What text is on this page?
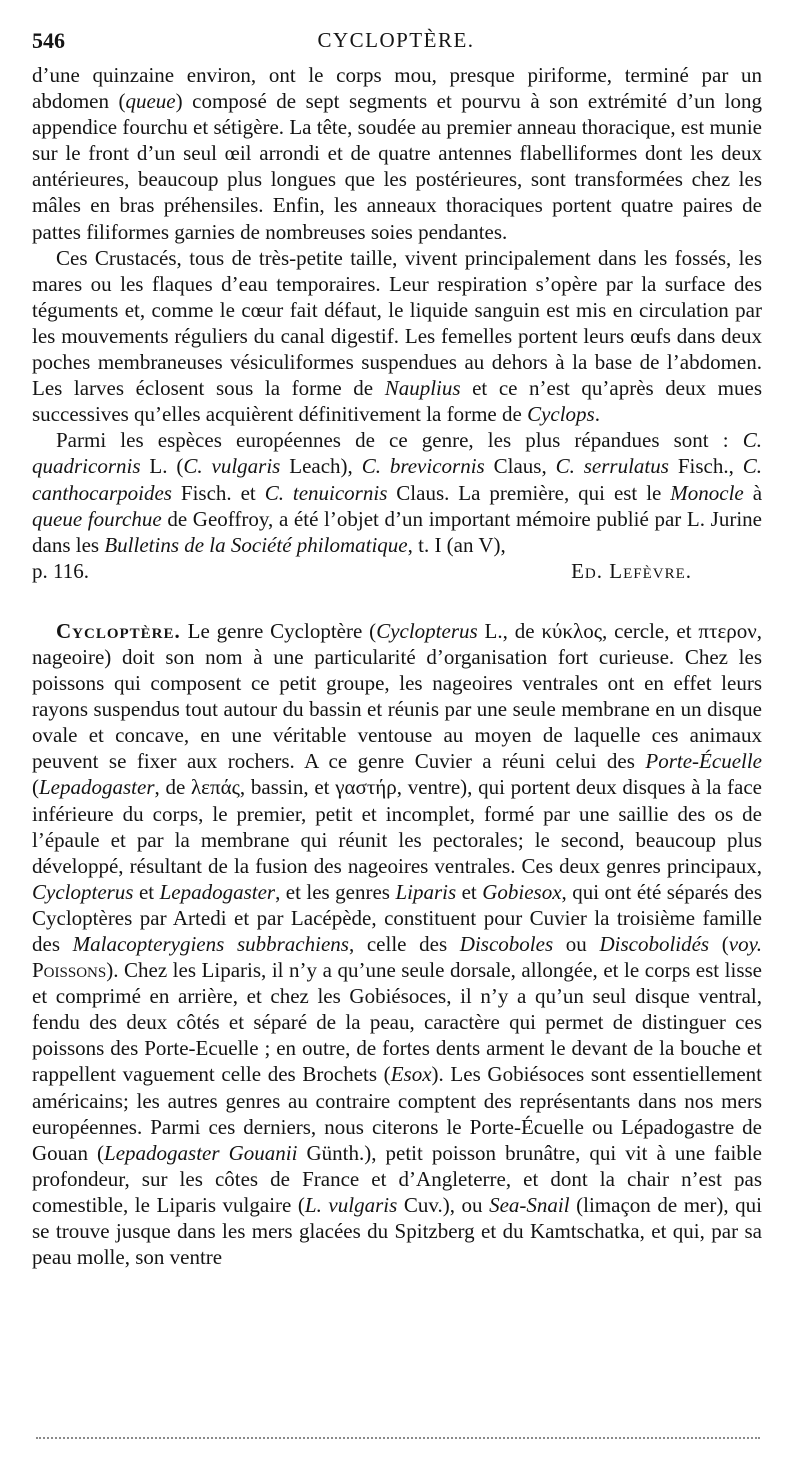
546	CYCLOPTÈRE.

d’une quinzaine environ, ont le corps mou, presque piriforme, terminé par un abdomen (queue) composé de sept segments et pourvu à son extrémité d’un long appendice fourchu et sétigère. La tête, soudée au premier anneau thoracique, est munie sur le front d’un seul œil arrondi et de quatre antennes flabelliformes dont les deux antérieures, beaucoup plus longues que les postérieures, sont transformées chez les mâles en bras préhensiles. Enfin, les anneaux thoraciques portent quatre paires de pattes filiformes garnies de nombreuses soies pendantes.

Ces Crustacés, tous de très-petite taille, vivent principalement dans les fossés, les mares ou les flaques d’eau temporaires. Leur respiration s’opère par la surface des téguments et, comme le cœur fait défaut, le liquide sanguin est mis en circulation par les mouvements réguliers du canal digestif. Les femelles portent leurs œufs dans deux poches membraneuses vésiculiformes suspendues au dehors à la base de l’abdomen. Les larves éclosent sous la forme de Nauplius et ce n’est qu’après deux mues successives qu’elles acquièrent définitivement la forme de Cyclops.

Parmi les espèces européennes de ce genre, les plus répandues sont : C. quadricornis L. (C. vulgaris Leach), C. brevicornis Claus, C. serrulatus Fisch., C. canthocarpoides Fisch. et C. tenuicornis Claus. La première, qui est le Monocle à queue fourchue de Geoffroy, a été l’objet d’un important mémoire publié par L. Jurine dans les Bulletins de la Société philomatique, t. I (an V),

p. 116.	Ed. Lefèvre.

Cycloptère. Le genre Cycloptère (Cyclopterus L., de κύκλος, cercle, et πτερον, nageoire) doit son nom à une particularité d’organisation fort curieuse. Chez les poissons qui composent ce petit groupe, les nageoires ventrales ont en effet leurs rayons suspendus tout autour du bassin et réunis par une seule membrane en un disque ovale et concave, en une véritable ventouse au moyen de laquelle ces animaux peuvent se fixer aux rochers. A ce genre Cuvier a réuni celui des Porte-Écuelle (Lepadogaster, de λεπάς, bassin, et γαστήρ, ventre), qui portent deux disques à la face inférieure du corps, le premier, petit et incomplet, formé par une saillie des os de l’épaule et par la membrane qui réunit les pectorales; le second, beaucoup plus développé, résultant de la fusion des nageoires ventrales. Ces deux genres principaux, Cyclopterus et Lepadogaster, et les genres Liparis et Gobiesox, qui ont été séparés des Cycloptères par Artedi et par Lacépède, constituent pour Cuvier la troisième famille des Malacopterygiens subbrachiens, celle des Discoboles ou Discobolidés (voy. Poissons). Chez les Liparis, il n’y a qu’une seule dorsale, allongée, et le corps est lisse et comprimé en arrière, et chez les Gobiésoces, il n’y a qu’un seul disque ventral, fendu des deux côtés et séparé de la peau, caractère qui permet de distinguer ces poissons des Porte-Ecuelle ; en outre, de fortes dents arment le devant de la bouche et rappellent vaguement celle des Brochets (Esox). Les Gobiésoces sont essentiellement américains; les autres genres au contraire comptent des représentants dans nos mers européennes. Parmi ces derniers, nous citerons le Porte-Écuelle ou Lépadogastre de Gouan (Lepadogaster Gouanii Günth.), petit poisson brunâtre, qui vit à une faible profondeur, sur les côtes de France et d’Angleterre, et dont la chair n’est pas comestible, le Liparis vulgaire (L. vulgaris Cuv.), ou Sea-Snail (limaçon de mer), qui se trouve jusque dans les mers glacées du Spitzberg et du Kamtschatka, et qui, par sa peau molle, son ventre
